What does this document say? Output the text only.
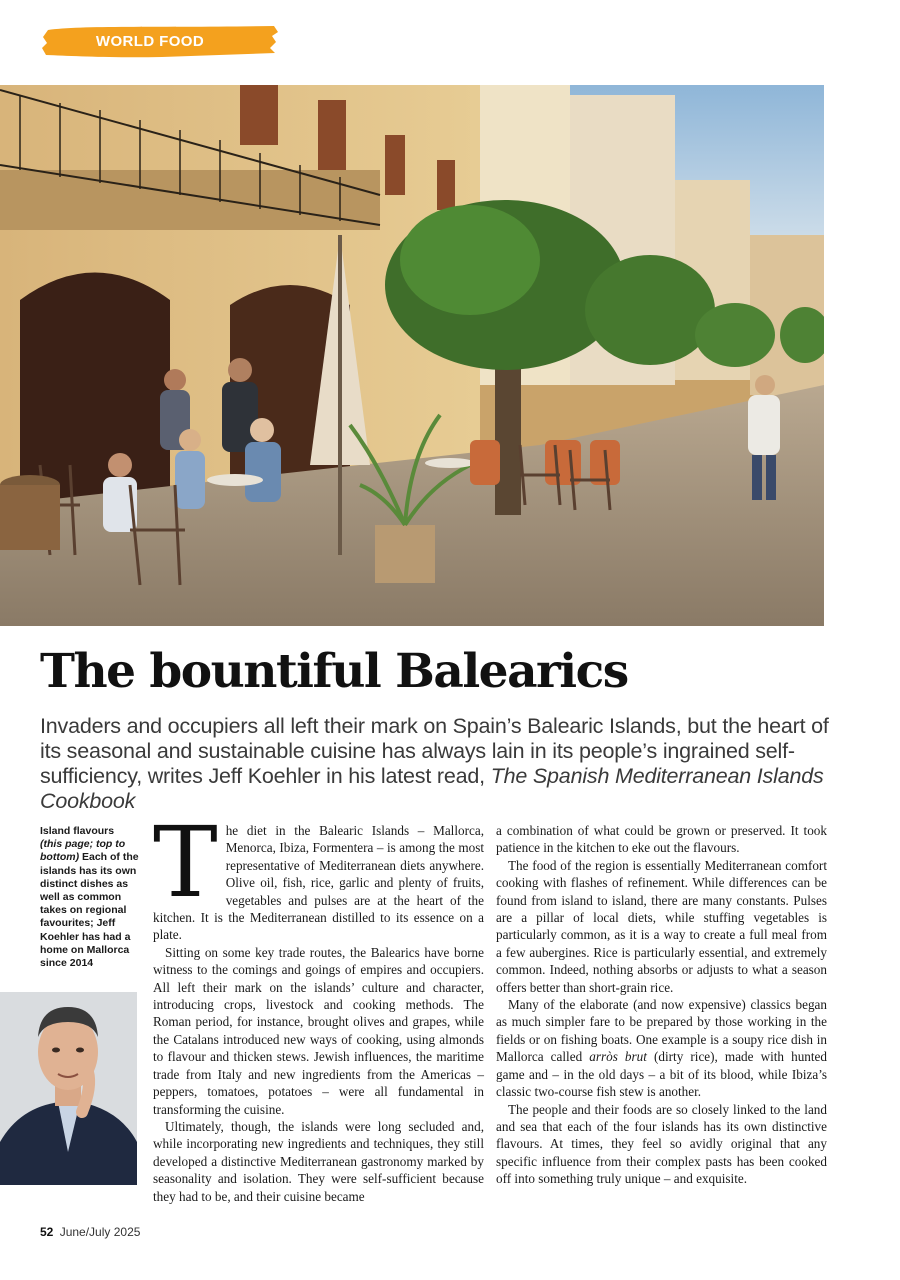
WORLD FOOD
The bountiful Balearics

Invaders and occupiers all left their mark on Spain’s Balearic Islands, but the heart of its seasonal and sustainable cuisine has always lain in its people’s ingrained self-sufficiency, writes Jeff Koehler in his latest read, The Spanish Mediterranean Islands Cookbook

Island flavours
(this page; top to bottom) Each of the islands has its own distinct dishes as well as common takes on regional favourites; Jeff Koehler has had a home on Mallorca since 2014

T he diet in the Balearic Islands – Mallorca, Menorca, Ibiza, Formentera – is among the most representative of Mediterranean diets anywhere. Olive oil, fish, rice, garlic and plenty of fruits, vegetables and pulses are at the heart of the kitchen. It is the Mediterranean distilled to its essence on a plate.

Sitting on some key trade routes, the Balearics have borne witness to the comings and goings of empires and occupiers. All left their mark on the islands’ culture and character, introducing crops, livestock and cooking methods. The Roman period, for instance, brought olives and grapes, while the Catalans introduced new ways of cooking, using almonds to flavour and thicken stews. Jewish influences, the maritime trade from Italy and new ingredients from the Americas – peppers, tomatoes, potatoes – were all fundamental in transforming the cuisine.

Ultimately, though, the islands were long secluded and, while incorporating new ingredients and techniques, they still developed a distinctive Mediterranean gastronomy marked by seasonality and isolation. They were self-sufficient because they had to be, and their cuisine became

a combination of what could be grown or preserved. It took patience in the kitchen to eke out the flavours.

The food of the region is essentially Mediterranean comfort cooking with flashes of refinement. While differences can be found from island to island, there are many constants. Pulses are a pillar of local diets, while stuffing vegetables is particularly common, as it is a way to create a full meal from a few aubergines. Rice is particularly essential, and extremely common. Indeed, nothing absorbs or adjusts to what a season offers better than short-grain rice.

Many of the elaborate (and now expensive) classics began as much simpler fare to be prepared by those working in the fields or on fishing boats. One example is a soupy rice dish in Mallorca called arròs brut (dirty rice), made with hunted game and – in the old days – a bit of its blood, while Ibiza’s classic two-course fish stew is another.

The people and their foods are so closely linked to the land and sea that each of the four islands has its own distinctive flavours. At times, they feel so avidly original that any specific influence from their complex pasts has been cooked off into something truly unique – and exquisite.

52 June/July 2025
